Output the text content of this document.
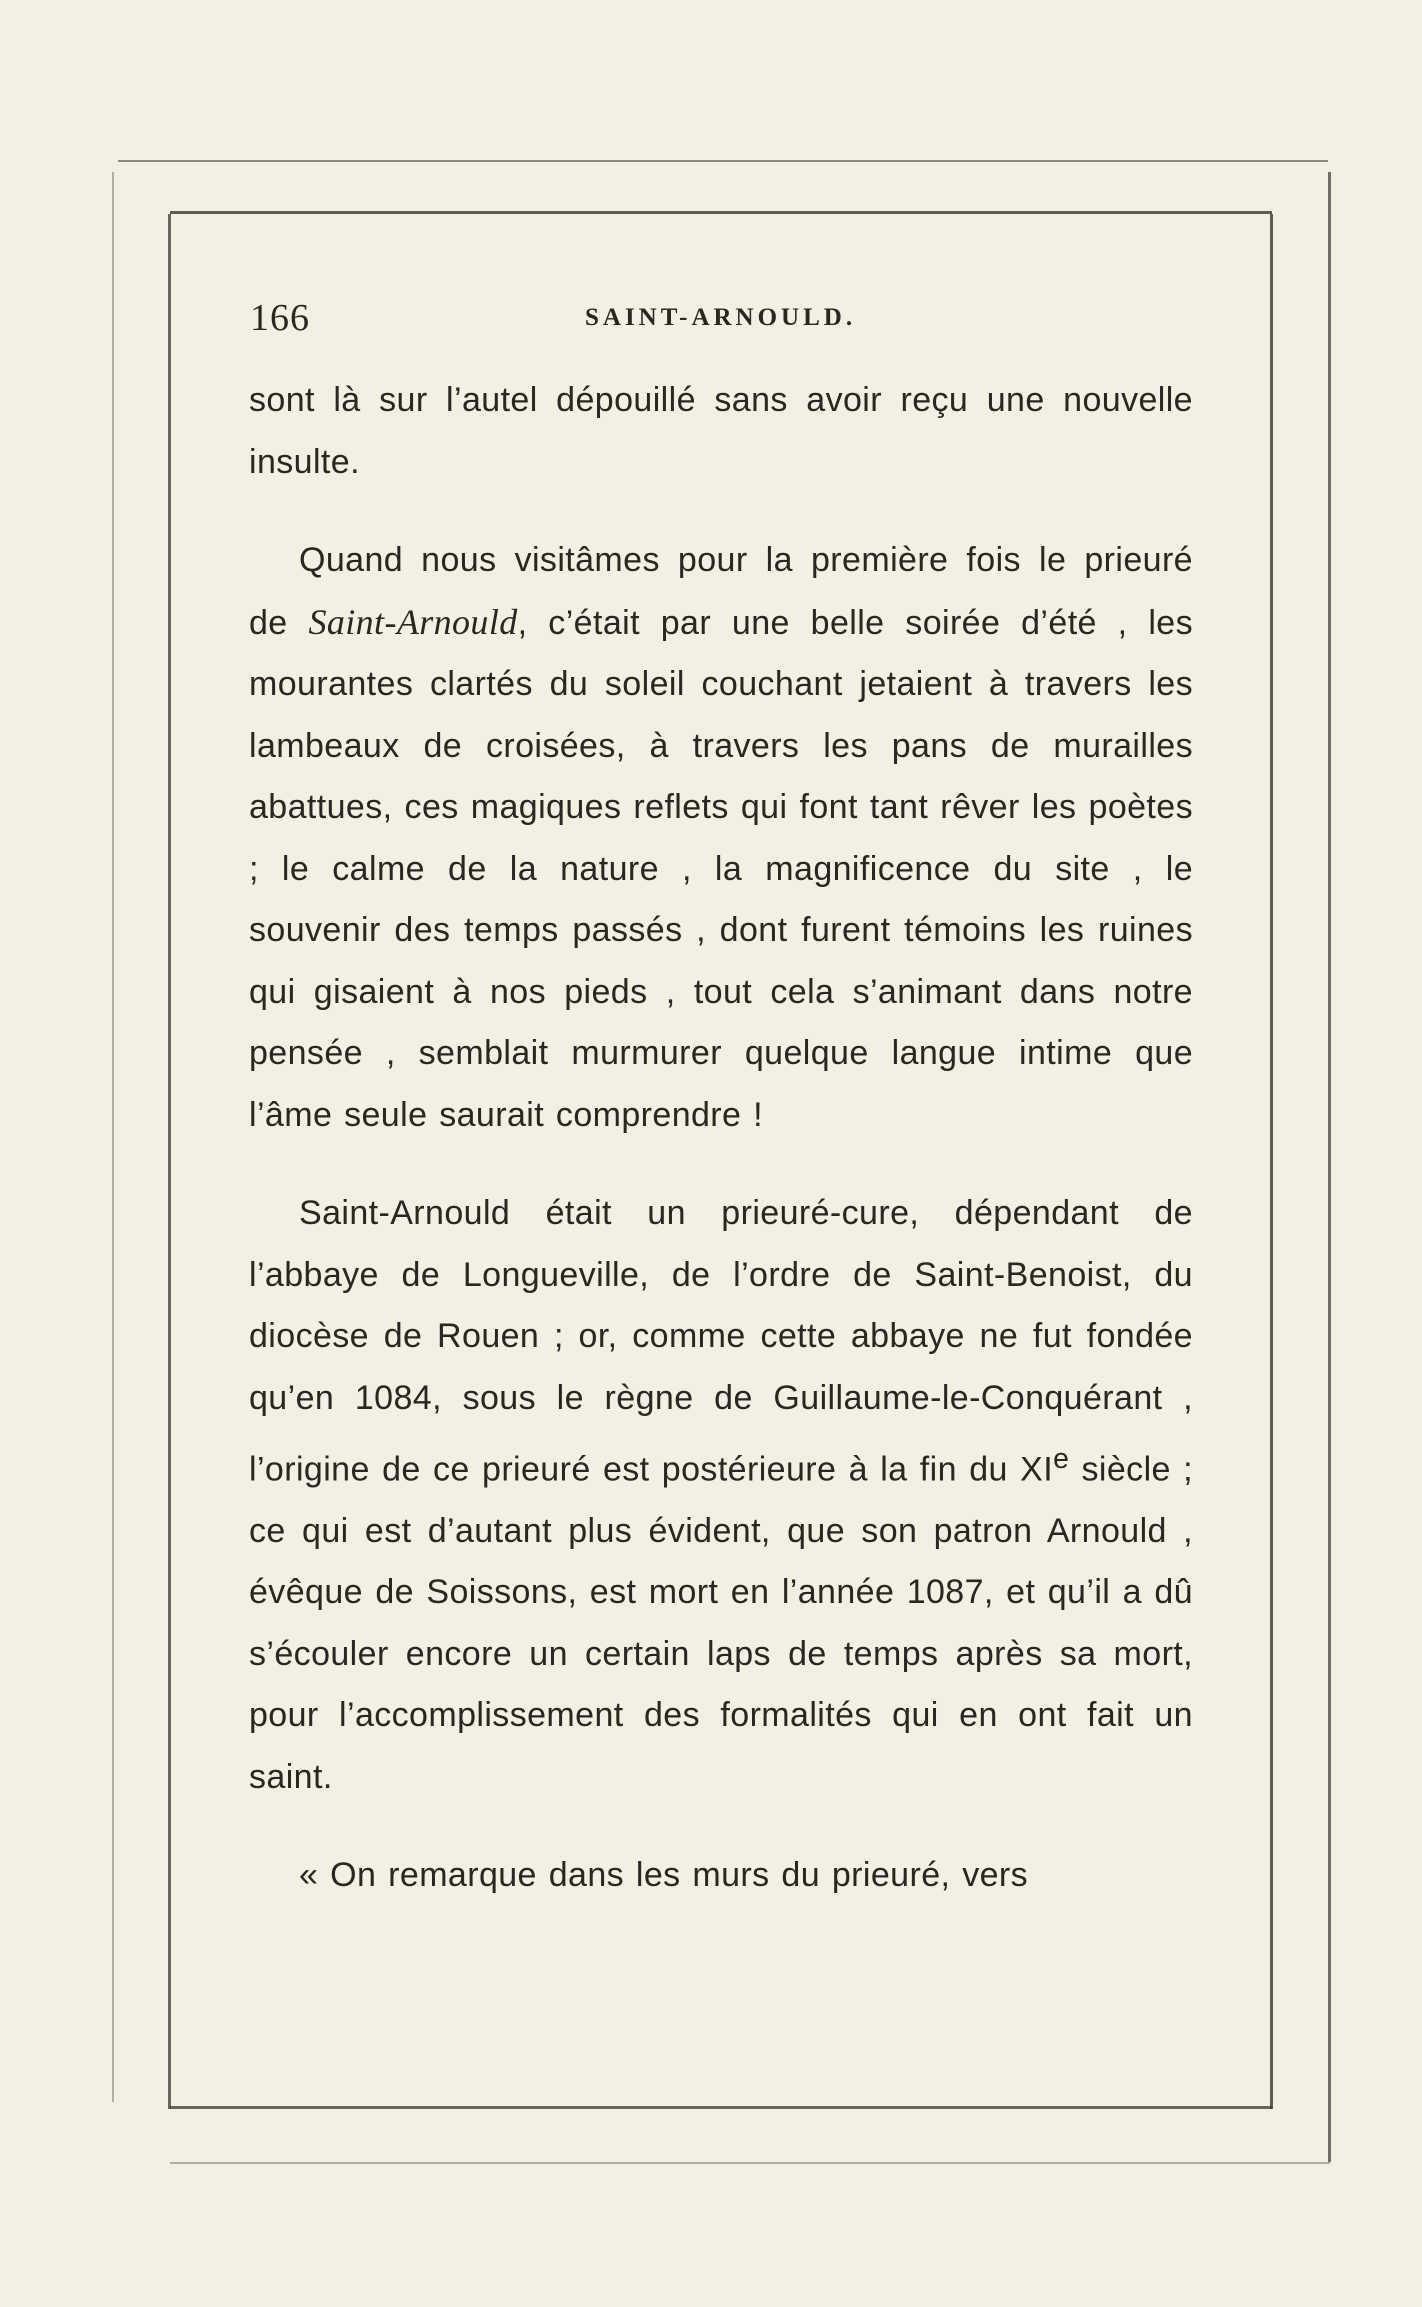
166	SAINT-ARNOULD.

sont là sur l’autel dépouillé sans avoir reçu une nouvelle insulte.

Quand nous visitâmes pour la première fois le prieuré de Saint-Arnould, c’était par une belle soirée d’été , les mourantes clartés du soleil couchant jetaient à travers les lambeaux de croisées, à travers les pans de murailles abattues, ces magiques reflets qui font tant rêver les poètes ; le calme de la nature , la magnificence du site , le souvenir des temps passés , dont furent témoins les ruines qui gisaient à nos pieds , tout cela s’animant dans notre pensée , semblait murmurer quelque langue intime que l’âme seule saurait comprendre !

Saint-Arnould était un prieuré-cure, dépendant de l’abbaye de Longueville, de l’ordre de Saint-Benoist, du diocèse de Rouen ; or, comme cette abbaye ne fut fondée qu’en 1084, sous le règne de Guillaume-le-Conquérant , l’origine de ce prieuré est postérieure à la fin du XIe siècle ; ce qui est d’autant plus évident, que son patron Arnould , évêque de Soissons, est mort en l’année 1087, et qu’il a dû s’écouler encore un certain laps de temps après sa mort, pour l’accomplissement des formalités qui en ont fait un saint.

« On remarque dans les murs du prieuré, vers
